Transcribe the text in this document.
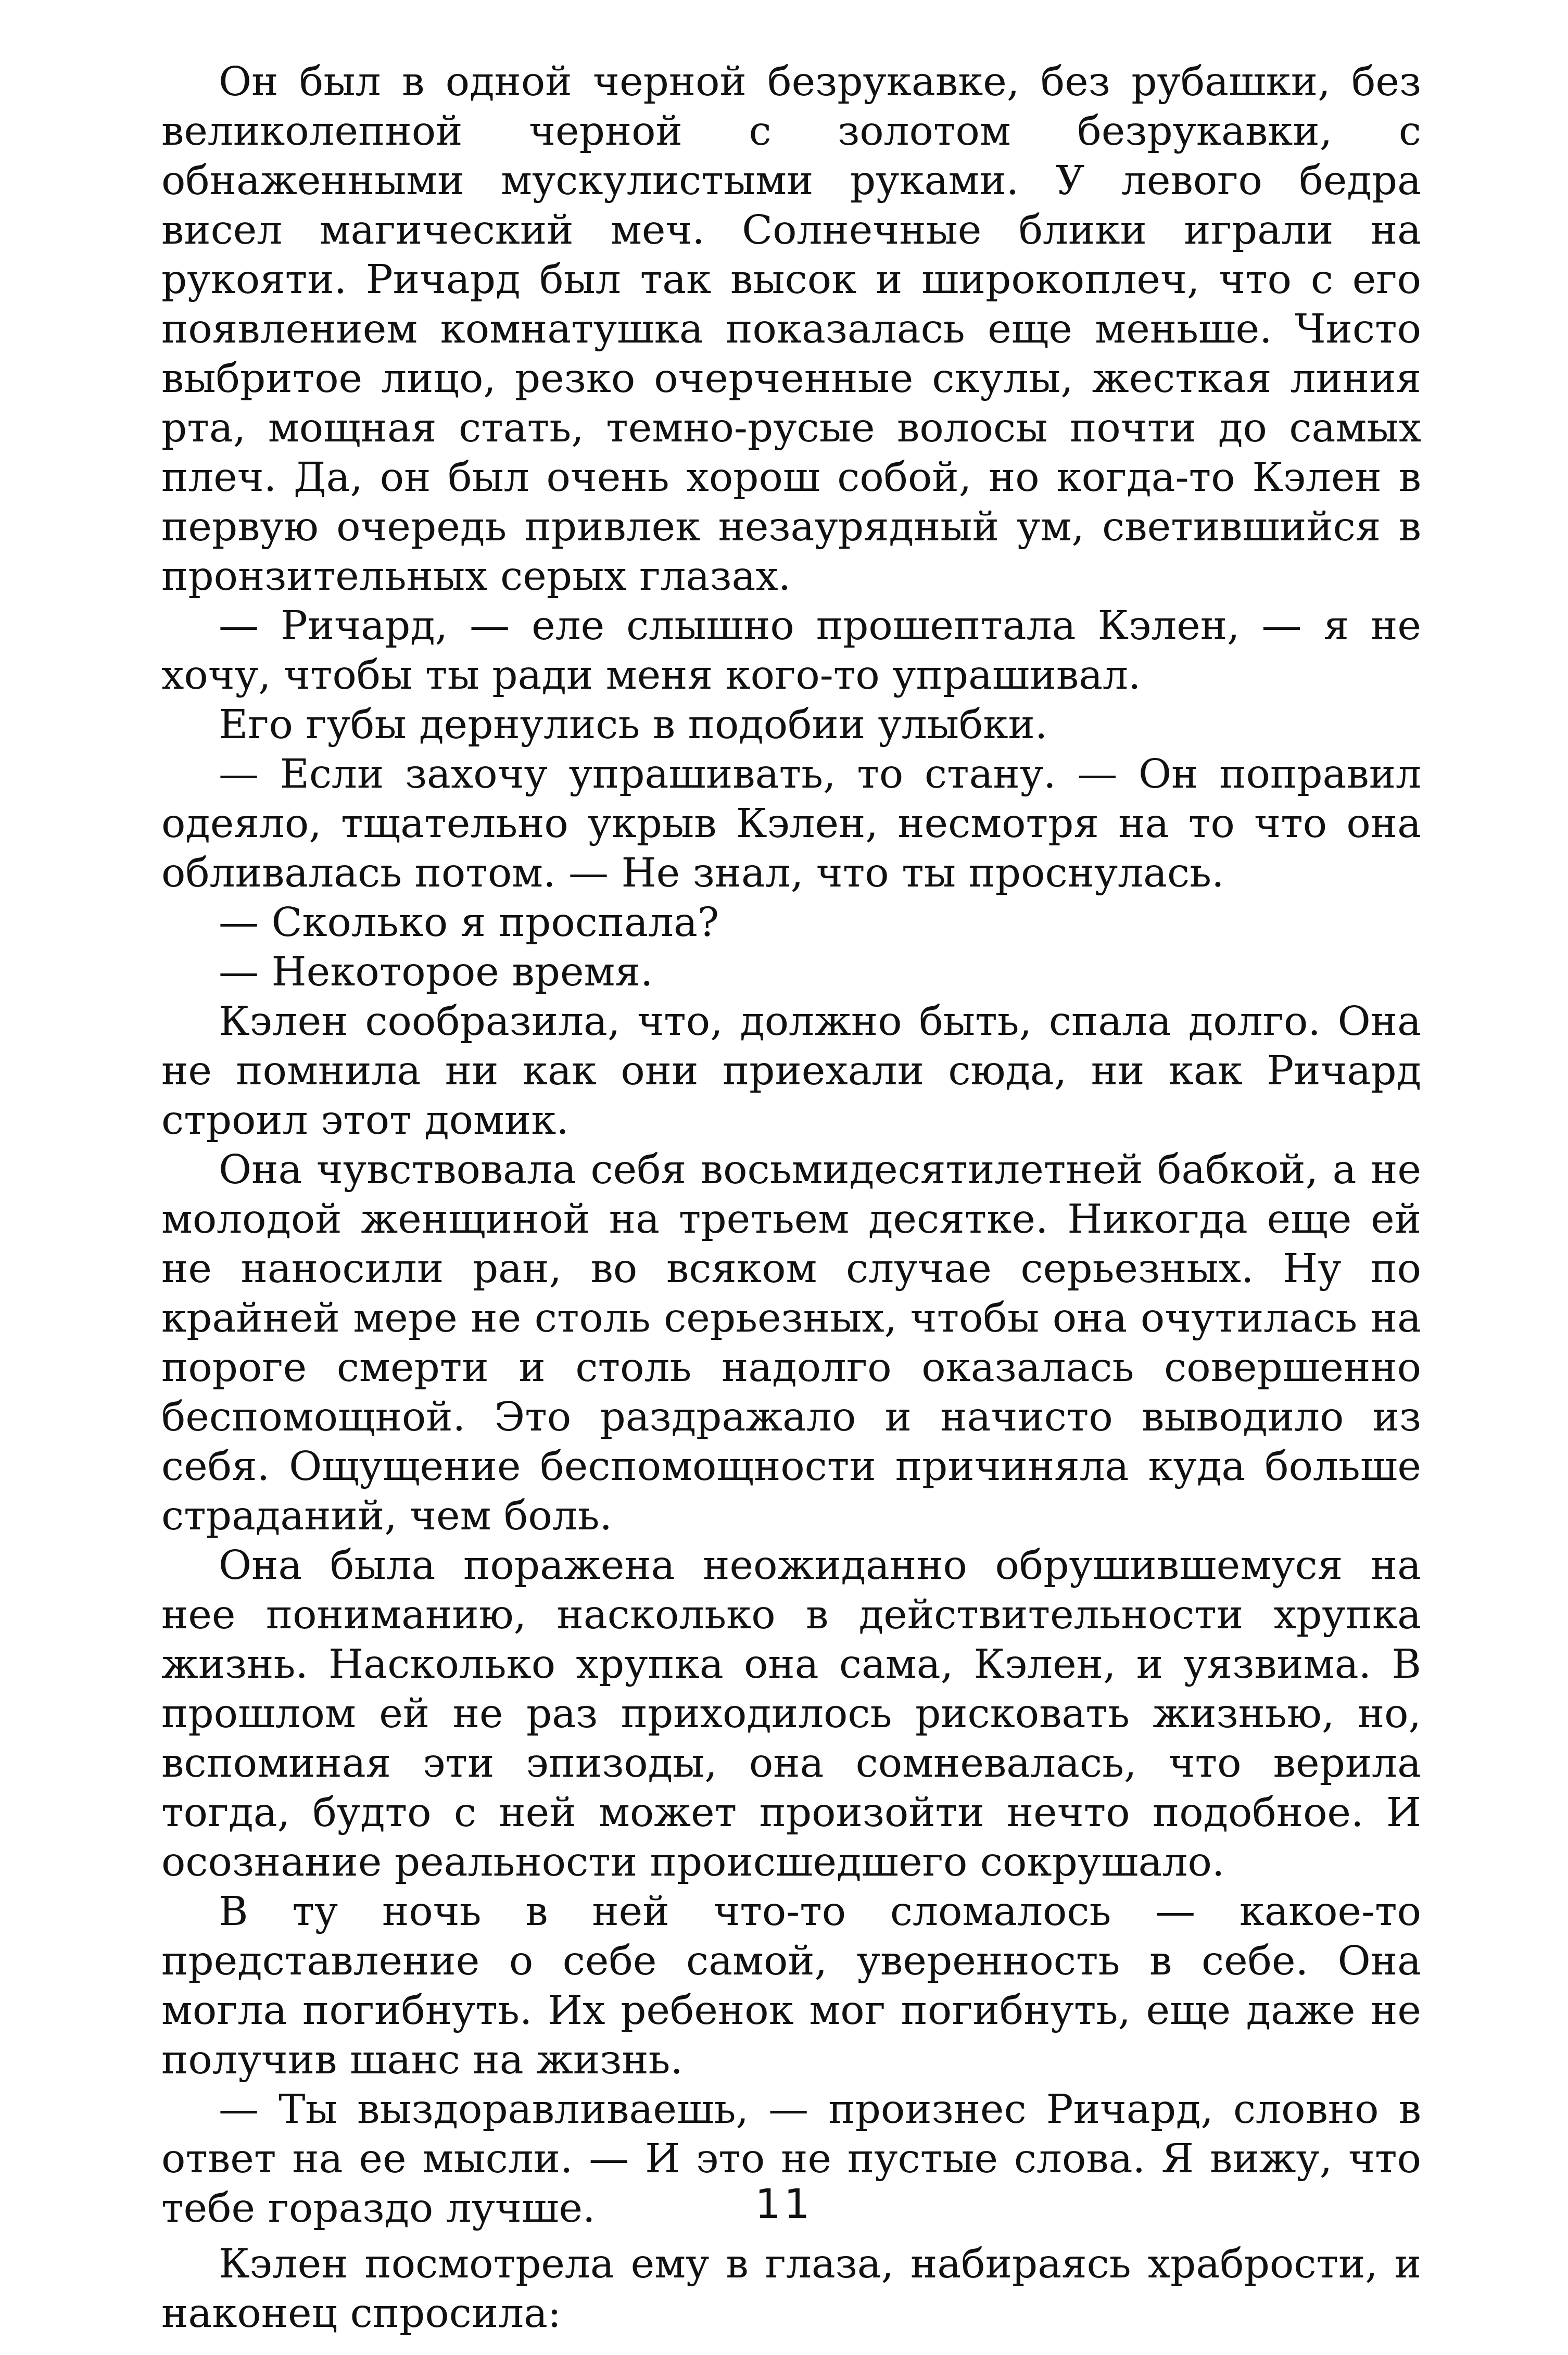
Он был в одной черной безрукавке, без рубашки, без великолепной черной с золотом безрукавки, с обнаженными мускулистыми руками. У левого бедра висел магический меч. Солнечные блики играли на рукояти. Ричард был так высок и широкоплеч, что с его появлением комнатушка показалась еще меньше. Чисто выбритое лицо, резко очерченные скулы, жесткая линия рта, мощная стать, темно-русые волосы почти до самых плеч. Да, он был очень хорош собой, но когда-то Кэлен в первую очередь привлек незаурядный ум, светившийся в пронзительных серых глазах.

— Ричард, — еле слышно прошептала Кэлен, — я не хочу, чтобы ты ради меня кого-то упрашивал.

Его губы дернулись в подобии улыбки.

— Если захочу упрашивать, то стану. — Он поправил одеяло, тщательно укрыв Кэлен, несмотря на то что она обливалась потом. — Не знал, что ты проснулась.

— Сколько я проспала?

— Некоторое время.

Кэлен сообразила, что, должно быть, спала долго. Она не помнила ни как они приехали сюда, ни как Ричард строил этот домик.

Она чувствовала себя восьмидесятилетней бабкой, а не молодой женщиной на третьем десятке. Никогда еще ей не наносили ран, во всяком случае серьезных. Ну по крайней мере не столь серьезных, чтобы она очутилась на пороге смерти и столь надолго оказалась совершенно беспомощной. Это раздражало и начисто выводило из себя. Ощущение беспомощности причиняла куда больше страданий, чем боль.

Она была поражена неожиданно обрушившемуся на нее пониманию, насколько в действительности хрупка жизнь. Насколько хрупка она сама, Кэлен, и уязвима. В прошлом ей не раз приходилось рисковать жизнью, но, вспоминая эти эпизоды, она сомневалась, что верила тогда, будто с ней может произойти нечто подобное. И осознание реальности происшедшего сокрушало.

В ту ночь в ней что-то сломалось — какое-то представление о себе самой, уверенность в себе. Она могла погибнуть. Их ребенок мог погибнуть, еще даже не получив шанс на жизнь.

— Ты выздоравливаешь, — произнес Ричард, словно в ответ на ее мысли. — И это не пустые слова. Я вижу, что тебе гораздо лучше.

Кэлен посмотрела ему в глаза, набираясь храбрости, и наконец спросила:

11
